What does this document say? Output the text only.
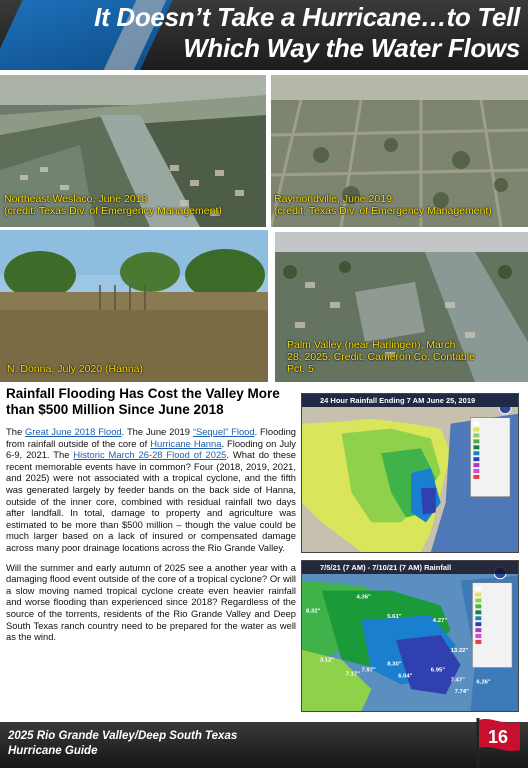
It Doesn’t Take a Hurricane…to Tell Which Way the Water Flows
Northeast Weslaco, June 2018
(credit: Texas Div. of Emergency Management)
Raymondville, June 2019
(credit: Texas Div. of Emergency Management)
N. Donna, July 2020 (Hanna)
Palm Valley (near Harlingen), March
28, 2025. Credit: Cameron Co. Contable
Pct. 5
Rainfall Flooding Has Cost the Valley More than $500 Million Since June 2018
The Great June 2018 Flood. The June 2019 “Sequel” Flood. Flooding from rainfall outside of the core of Hurricane Hanna. Flooding on July 6-9, 2021. The Historic March 26-28 Flood of 2025. What do these recent memorable events have in common? Four (2018, 2019, 2021, and 2025) were not associated with a tropical cyclone, and the fifth was generated largely by feeder bands on the back side of Hanna, outside of the inner core, combined with residual rainfall two days after landfall. In total, damage to property and agriculture was estimated to be more than $500 million – though the value could be much larger based on a lack of insured or compensated damage across many poor drainage locations across the Rio Grande Valley.
Will the summer and early autumn of 2025 see a another year with a damaging flood event outside of the core of a tropical cyclone? Or will a slow moving named tropical cyclone create even heavier rainfall and worse flooding than experienced since 2018? Regardless of the source of the torrents, residents of the Rio Grande Valley and Deep South Texas ranch country need to be prepared for the water as well as the wind.
24 Hour Rainfall Ending 7 AM June 25, 2019
8.32"
4.36"
5.61"
4.27"
13.22"
8.30"
7.97"
7.17"	6.04"
6.95"
7.47"
7.74"
6.26"
3.12"
7/5/21 (7 AM) - 7/10/21 (7 AM) Rainfall
2025 Rio Grande Valley/Deep South Texas
Hurricane Guide
16
